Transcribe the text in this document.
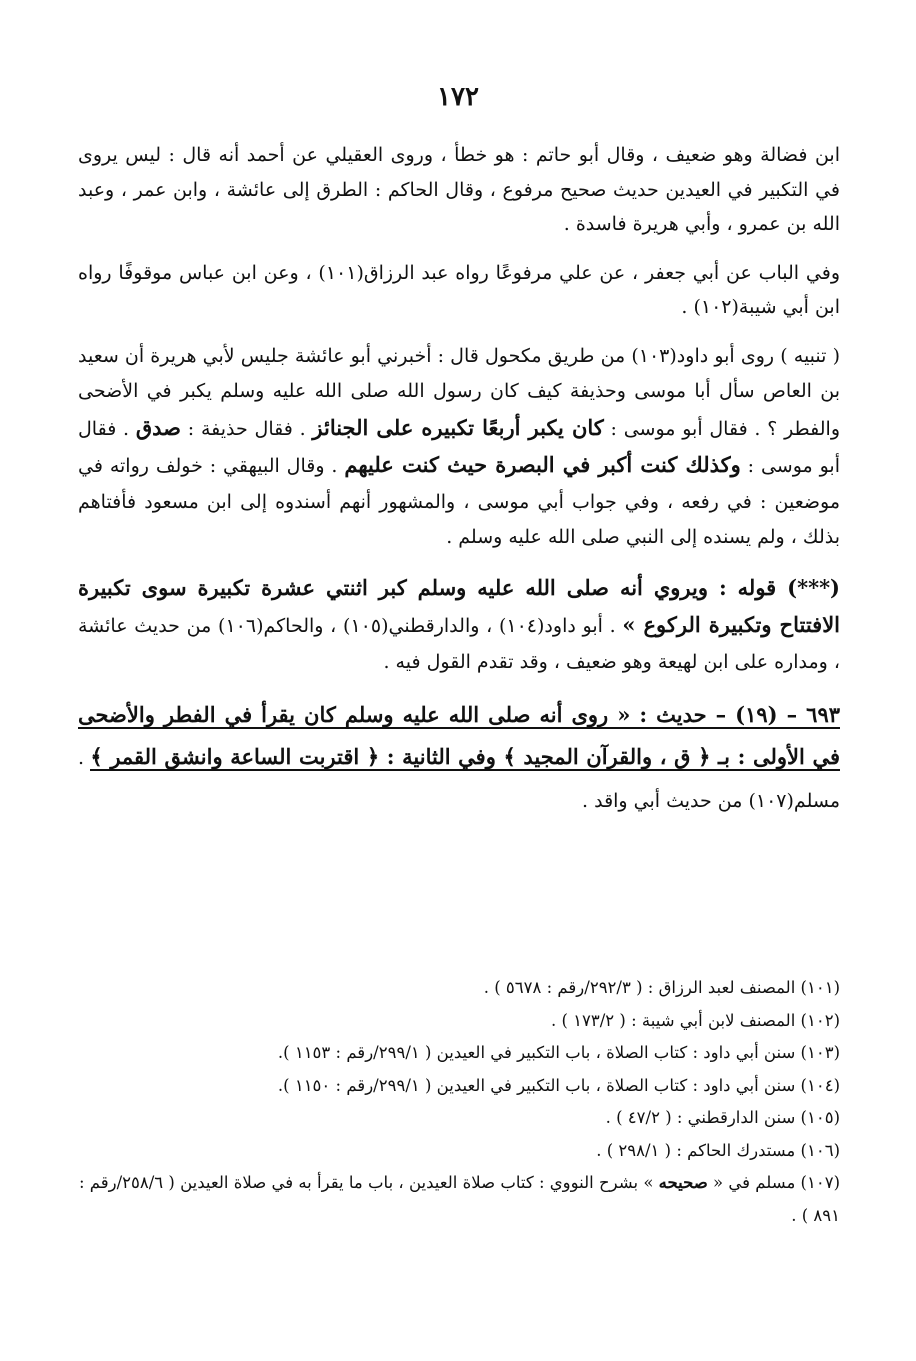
١٧٢

ابن فضالة وهو ضعيف ، وقال أبو حاتم : هو خطأ ، وروى العقيلي عن أحمد أنه قال : ليس يروى في التكبير في العيدين حديث صحيح مرفوع ، وقال الحاكم : الطرق إلى عائشة ، وابن عمر ، وعبد الله بن عمرو ، وأبي هريرة فاسدة .

وفي الباب عن أبي جعفر ، عن علي مرفوعًا رواه عبد الرزاق(١٠١) ، وعن ابن عباس موقوفًا رواه ابن أبي شيبة(١٠٢) .

( تنبيه ) روى أبو داود(١٠٣) من طريق مكحول قال : أخبرني أبو عائشة جليس لأبي هريرة أن سعيد بن العاص سأل أبا موسى وحذيفة كيف كان رسول الله صلى الله عليه وسلم يكبر في الأضحى والفطر ؟ . فقال أبو موسى : كان يكبر أربعًا تكبيره على الجنائز . فقال حذيفة : صدق . فقال أبو موسى : وكذلك كنت أكبر في البصرة حيث كنت عليهم . وقال البيهقي : خولف رواته في موضعين : في رفعه ، وفي جواب أبي موسى ، والمشهور أنهم أسندوه إلى ابن مسعود فأفتاهم بذلك ، ولم يسنده إلى النبي صلى الله عليه وسلم .

(***) قوله : ويروي أنه صلى الله عليه وسلم كبر اثنتي عشرة تكبيرة سوى تكبيرة الافتتاح وتكبيرة الركوع » . أبو داود(١٠٤) ، والدارقطني(١٠٥) ، والحاكم(١٠٦) من حديث عائشة ، ومداره على ابن لهيعة وهو ضعيف ، وقد تقدم القول فيه .

٦٩٣ – (١٩) – حديث : « روى أنه صلى الله عليه وسلم كان يقرأ في الفطر والأضحى في الأولى : بـ ﴿ ق ، والقرآن المجيد ﴾ وفي الثانية : ﴿ اقتربت الساعة وانشق القمر ﴾ . مسلم(١٠٧) من حديث أبي واقد .

(١٠١) المصنف لعبد الرزاق : ( ٢٩٢/٣/رقم : ٥٦٧٨ ) .
(١٠٢) المصنف لابن أبي شيبة : ( ١٧٣/٢ ) .
(١٠٣) سنن أبي داود : كتاب الصلاة ، باب التكبير في العيدين ( ٢٩٩/١/رقم : ١١٥٣ ).
(١٠٤) سنن أبي داود : كتاب الصلاة ، باب التكبير في العيدين ( ٢٩٩/١/رقم : ١١٥٠ ).
(١٠٥) سنن الدارقطني : ( ٤٧/٢ ) .
(١٠٦) مستدرك الحاكم : ( ٢٩٨/١ ) .
(١٠٧) مسلم في « صحيحه » بشرح النووي : كتاب صلاة العيدين ، باب ما يقرأ به في صلاة العيدين ( ٢٥٨/٦/رقم : ٨٩١ ) .
